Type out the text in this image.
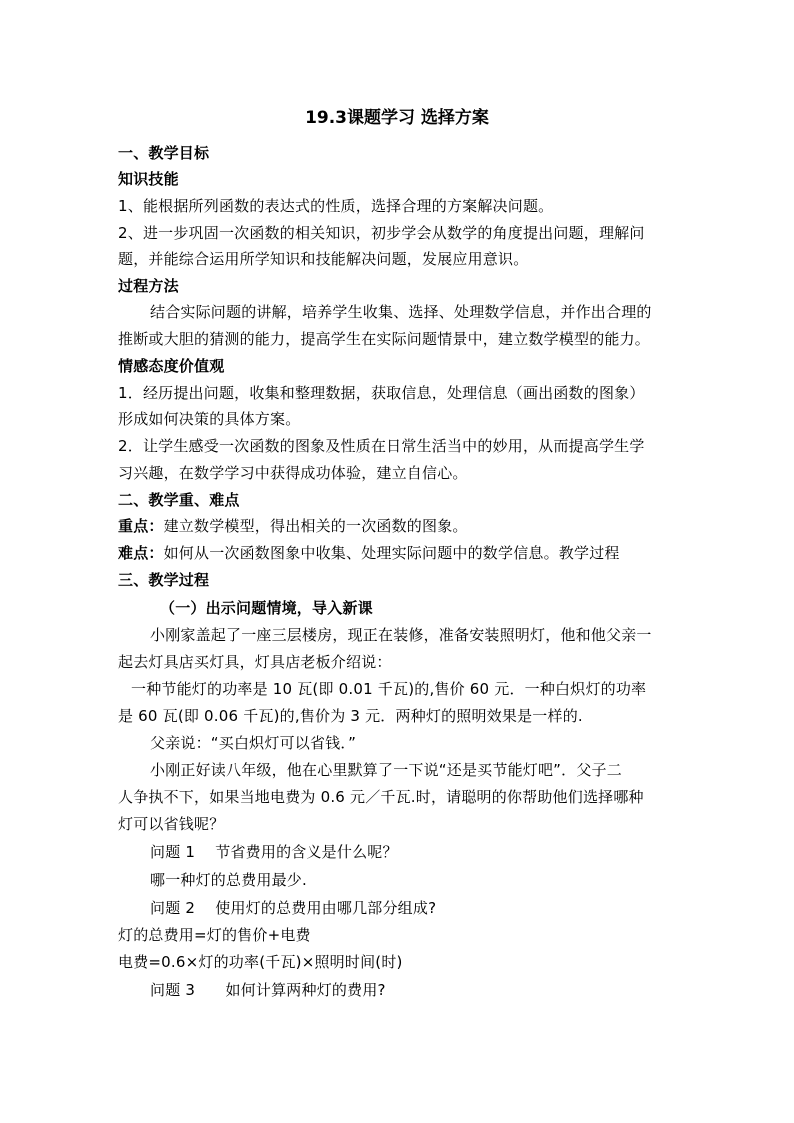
19.3课题学习 选择方案
一、教学目标
知识技能
1、能根据所列函数的表达式的性质，选择合理的方案解决问题。
2、进一步巩固一次函数的相关知识，初步学会从数学的角度提出问题，理解问
题，并能综合运用所学知识和技能解决问题，发展应用意识。
过程方法
结合实际问题的讲解，培养学生收集、选择、处理数学信息，并作出合理的
推断或大胆的猜测的能力，提高学生在实际问题情景中，建立数学模型的能力。
情感态度价值观
1．经历提出问题，收集和整理数据，获取信息，处理信息（画出函数的图象）
形成如何决策的具体方案。
2．让学生感受一次函数的图象及性质在日常生活当中的妙用，从而提高学生学
习兴趣，在数学学习中获得成功体验，建立自信心。
二、教学重、难点
重点：建立数学模型，得出相关的一次函数的图象。
难点：如何从一次函数图象中收集、处理实际问题中的数学信息。教学过程
三、教学过程
（一）出示问题情境，导入新课
小刚家盖起了一座三层楼房，现正在装修，准备安装照明灯，他和他父亲一
起去灯具店买灯具，灯具店老板介绍说：
一种节能灯的功率是 10 瓦(即 0.01 千瓦)的,售价 60 元．一种白炽灯的功率
是 60 瓦(即 0.06 千瓦)的,售价为 3 元．两种灯的照明效果是一样的.
父亲说：“买白炽灯可以省钱．”
小刚正好读八年级，他在心里默算了一下说“还是买节能灯吧”．父子二
人争执不下，如果当地电费为 0.6 元／千瓦.时，请聪明的你帮助他们选择哪种
灯可以省钱呢？
问题 1　 节省费用的含义是什么呢？
哪一种灯的总费用最少.
问题 2　 使用灯的总费用由哪几部分组成?
灯的总费用=灯的售价+电费
电费=0.6×灯的功率(千瓦)×照明时间(时)
问题 3　　如何计算两种灯的费用?
